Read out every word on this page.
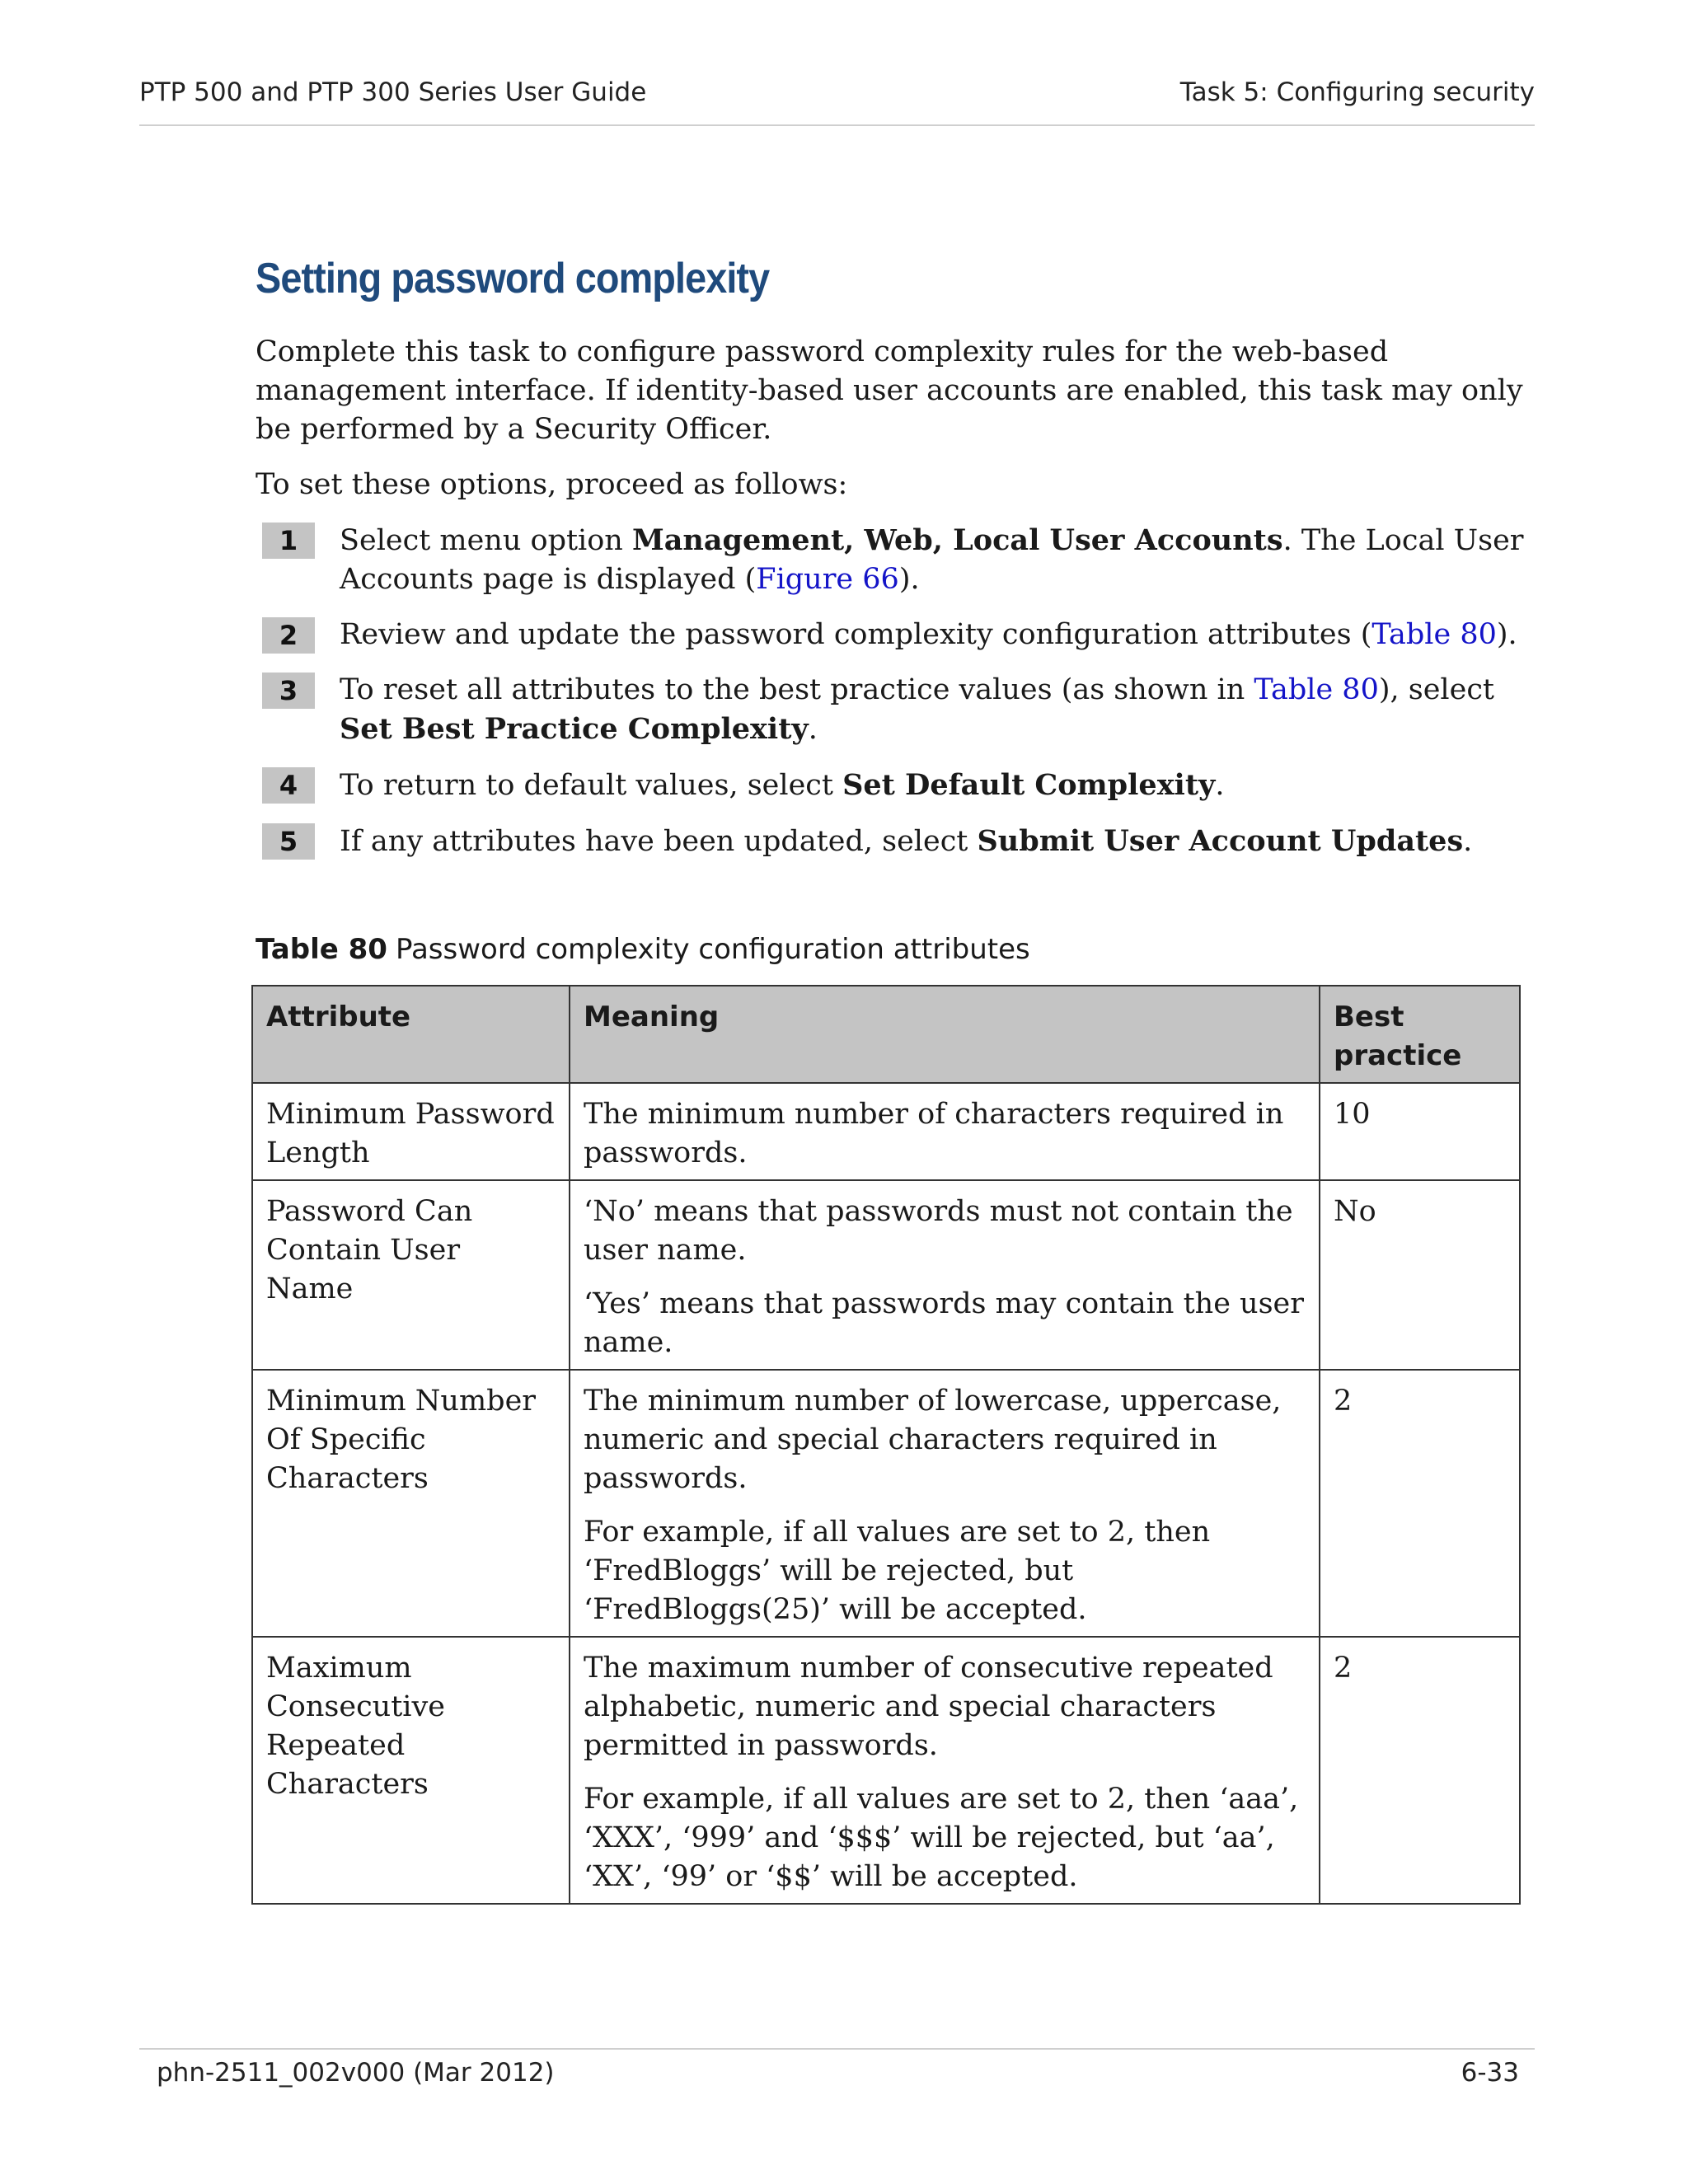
PTP 500 and PTP 300 Series User Guide	Task 5: Configuring security
Setting password complexity

Complete this task to configure password complexity rules for the web-based management interface. If identity-based user accounts are enabled, this task may only be performed by a Security Officer.

To set these options, proceed as follows:

1	Select menu option Management, Web, Local User Accounts. The Local User Accounts page is displayed (Figure 66).
2	Review and update the password complexity configuration attributes (Table 80).
3	To reset all attributes to the best practice values (as shown in Table 80), select Set Best Practice Complexity.
4	To return to default values, select Set Default Complexity.
5	If any attributes have been updated, select Submit User Account Updates.
Table 80 Password complexity configuration attributes
Attribute	Meaning	Best practice
Minimum Password Length	The minimum number of characters required in passwords.	10
Password Can Contain User Name	‘No’ means that passwords must not contain the user name.

‘Yes’ means that passwords may contain the user name.	No
Minimum Number Of Specific Characters	The minimum number of lowercase, uppercase, numeric and special characters required in passwords.

For example, if all values are set to 2, then ‘FredBloggs’ will be rejected, but ‘FredBloggs(25)’ will be accepted.	2
Maximum Consecutive Repeated Characters	The maximum number of consecutive repeated alphabetic, numeric and special characters permitted in passwords.

For example, if all values are set to 2, then ‘aaa’, ‘XXX’, ‘999’ and ‘$$$’ will be rejected, but ‘aa’, ‘XX’, ‘99’ or ‘$$’ will be accepted.	2
phn-2511_002v000 (Mar 2012)	6-33
